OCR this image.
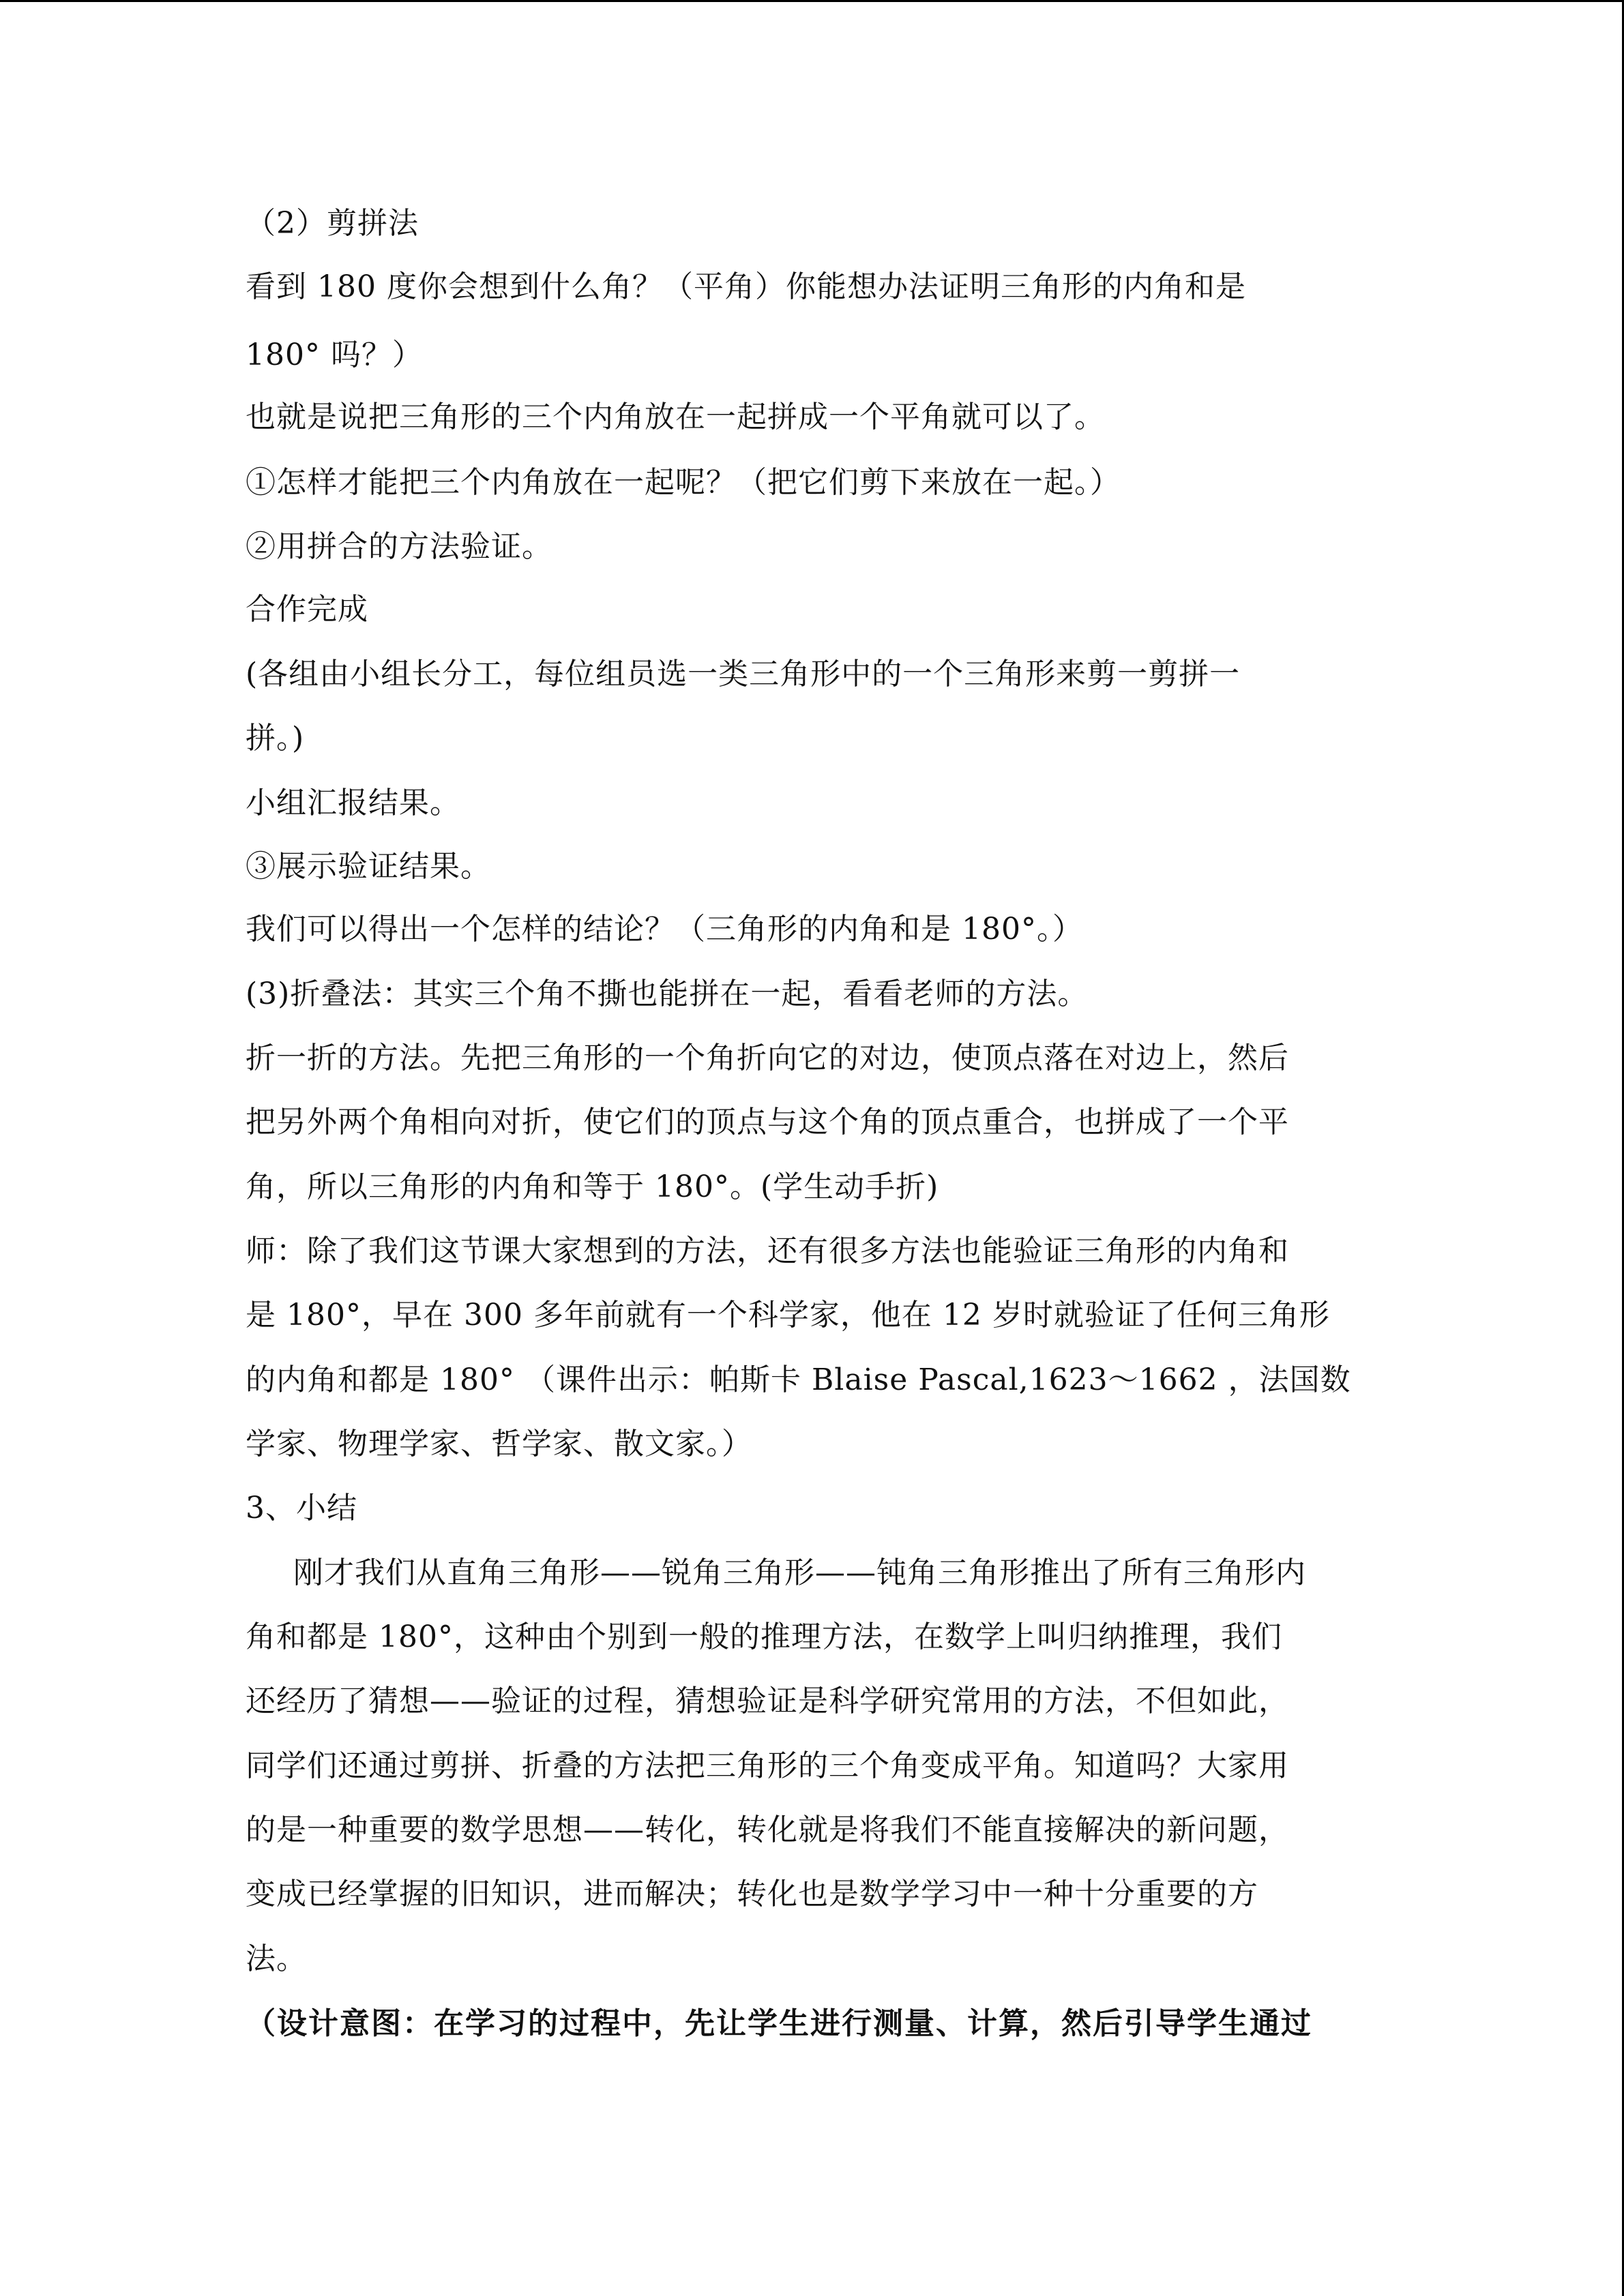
（2）剪拼法
看到 180 度你会想到什么角？（平角）你能想办法证明三角形的内角和是
180° 吗？）
也就是说把三角形的三个内角放在一起拼成一个平角就可以了。
①怎样才能把三个内角放在一起呢？（把它们剪下来放在一起。）
②用拼合的方法验证。
合作完成
(各组由小组长分工，每位组员选一类三角形中的一个三角形来剪一剪拼一
拼。)
小组汇报结果。
③展示验证结果。
我们可以得出一个怎样的结论？（三角形的内角和是 180°。）
(3)折叠法：其实三个角不撕也能拼在一起，看看老师的方法。
折一折的方法。先把三角形的一个角折向它的对边，使顶点落在对边上，然后
把另外两个角相向对折，使它们的顶点与这个角的顶点重合，也拼成了一个平
角，所以三角形的内角和等于 180°。(学生动手折)
师：除了我们这节课大家想到的方法，还有很多方法也能验证三角形的内角和
是 180°，早在 300 多年前就有一个科学家，他在 12 岁时就验证了任何三角形
的内角和都是 180° （课件出示：帕斯卡 Blaise Pascal,1623～1662 ，法国数
学家、物理学家、哲学家、散文家。）
3、小结
刚才我们从直角三角形——锐角三角形——钝角三角形推出了所有三角形内
角和都是 180°，这种由个别到一般的推理方法，在数学上叫归纳推理，我们
还经历了猜想——验证的过程，猜想验证是科学研究常用的方法，不但如此，
同学们还通过剪拼、折叠的方法把三角形的三个角变成平角。知道吗？大家用
的是一种重要的数学思想——转化，转化就是将我们不能直接解决的新问题，
变成已经掌握的旧知识，进而解决；转化也是数学学习中一种十分重要的方
法。
（设计意图：在学习的过程中，先让学生进行测量、计算，然后引导学生通过
